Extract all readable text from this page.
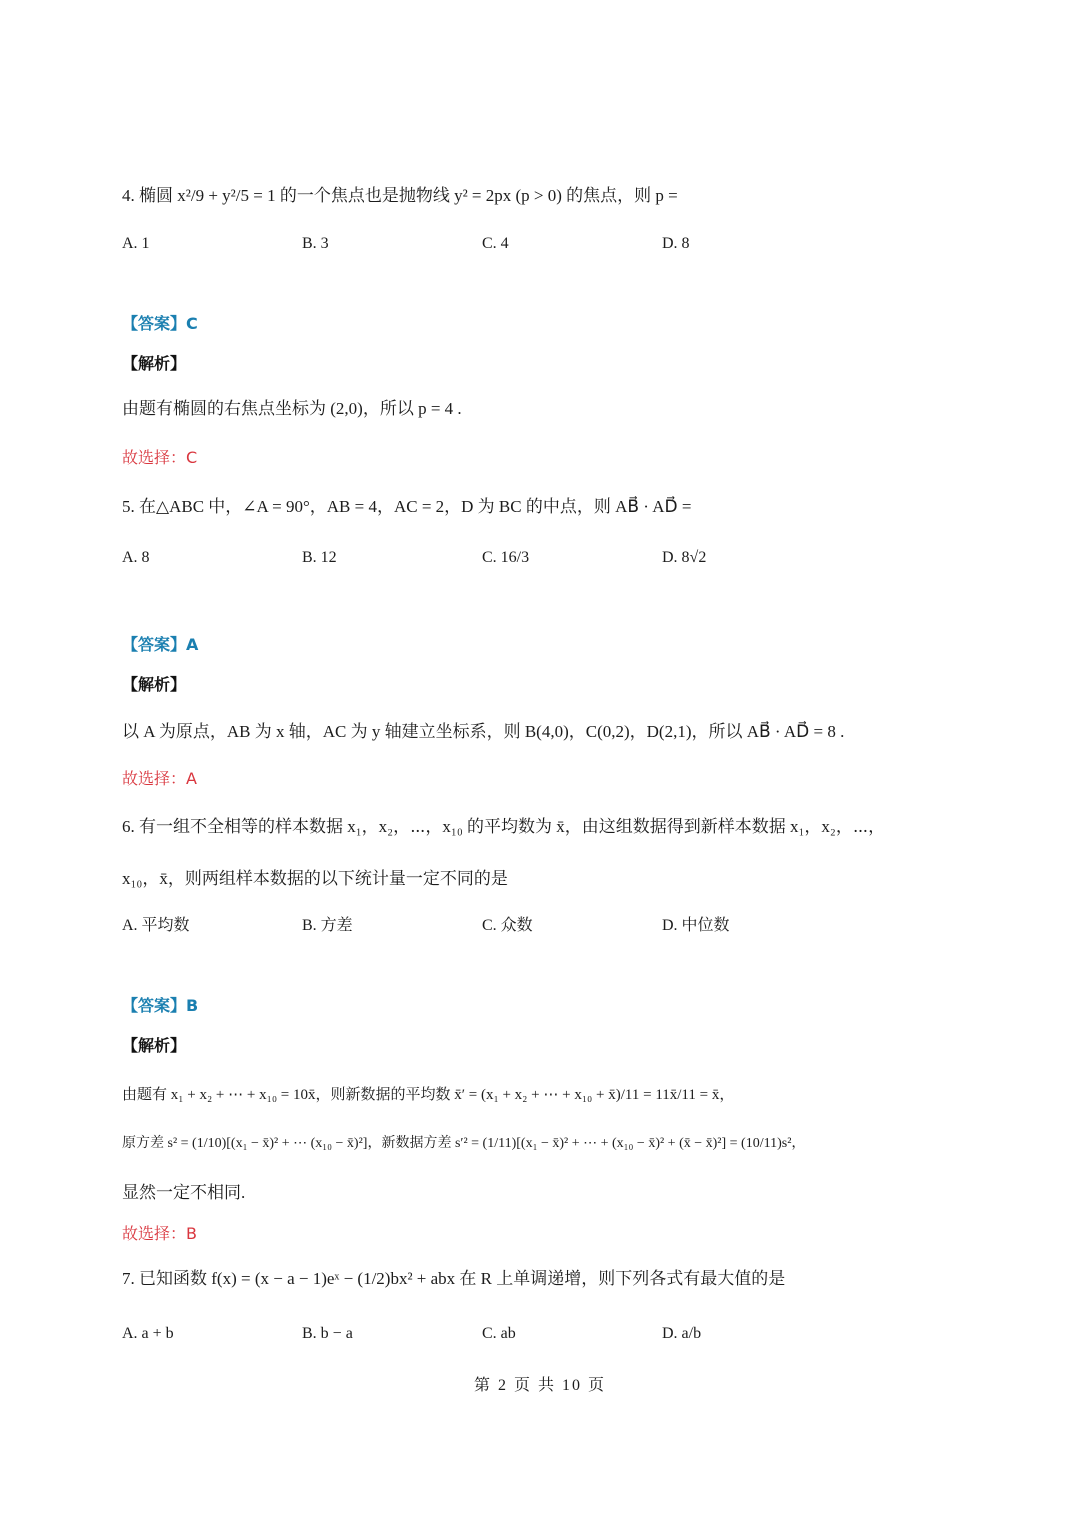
4. 椭圆 x²/9 + y²/5 = 1 的一个焦点也是抛物线 y² = 2px (p > 0) 的焦点，则 p =
A. 1	B. 3	C. 4	D. 8
【答案】C
【解析】
由题有椭圆的右焦点坐标为 (2,0)，所以 p = 4 .
故选择：C
5. 在△ABC 中，∠A = 90°，AB = 4，AC = 2，D 为 BC 的中点，则 AB⃗ · AD⃗ =
A. 8	B. 12	C. 16/3	D. 8√2
【答案】A
【解析】
以 A 为原点，AB 为 x 轴，AC 为 y 轴建立坐标系，则 B(4,0)，C(0,2)，D(2,1)，所以 AB⃗ · AD⃗ = 8 .
故选择：A
6. 有一组不全相等的样本数据 x₁，x₂，⋯，x₁₀ 的平均数为 x̄，由这组数据得到新样本数据 x₁，x₂，⋯，
x₁₀，x̄，则两组样本数据的以下统计量一定不同的是
A. 平均数	B. 方差	C. 众数	D. 中位数
【答案】B
【解析】
由题有 x₁ + x₂ + ⋯ + x₁₀ = 10x̄，则新数据的平均数 x̄′ = (x₁ + x₂ + ⋯ + x₁₀ + x̄)/11 = 11x̄/11 = x̄，
原方差 s² = (1/10)[(x₁ − x̄)² + ⋯ (x₁₀ − x̄)²]，新数据方差 s′² = (1/11)[(x₁ − x̄)² + ⋯ + (x₁₀ − x̄)² + (x̄ − x̄)²] = (10/11)s²，
显然一定不相同.
故选择：B
7. 已知函数 f(x) = (x − a − 1)eˣ − (1/2)bx² + abx 在 R 上单调递增，则下列各式有最大值的是
A. a + b	B. b − a	C. ab	D. a/b
第 2 页 共 10 页
